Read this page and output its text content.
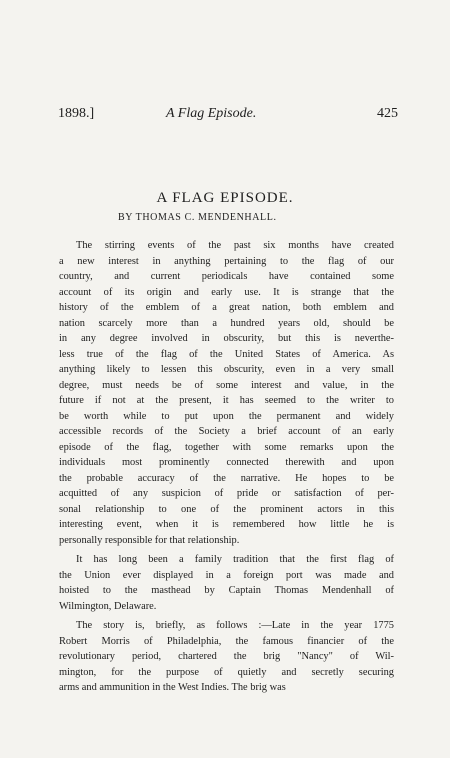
1898.]	A Flag Episode.	425
A FLAG EPISODE.
BY THOMAS C. MENDENHALL.
The stirring events of the past six months have created
a new interest in anything pertaining to the flag of our
country, and current periodicals have contained some
account of its origin and early use. It is strange that the
history of the emblem of a great nation, both emblem and
nation scarcely more than a hundred years old, should be
in any degree involved in obscurity, but this is neverthe-
less true of the flag of the United States of America. As
anything likely to lessen this obscurity, even in a very small
degree, must needs be of some interest and value, in the
future if not at the present, it has seemed to the writer to
be worth while to put upon the permanent and widely
accessible records of the Society a brief account of an early
episode of the flag, together with some remarks upon the
individuals most prominently connected therewith and upon
the probable accuracy of the narrative. He hopes to be
acquitted of any suspicion of pride or satisfaction of per-
sonal relationship to one of the prominent actors in this
interesting event, when it is remembered how little he is
personally responsible for that relationship.
It has long been a family tradition that the first flag of
the Union ever displayed in a foreign port was made and
hoisted to the masthead by Captain Thomas Mendenhall of
Wilmington, Delaware.
The story is, briefly, as follows :—Late in the year 1775
Robert Morris of Philadelphia, the famous financier of the
revolutionary period, chartered the brig "Nancy" of Wil-
mington, for the purpose of quietly and secretly securing
arms and ammunition in the West Indies. The brig was
